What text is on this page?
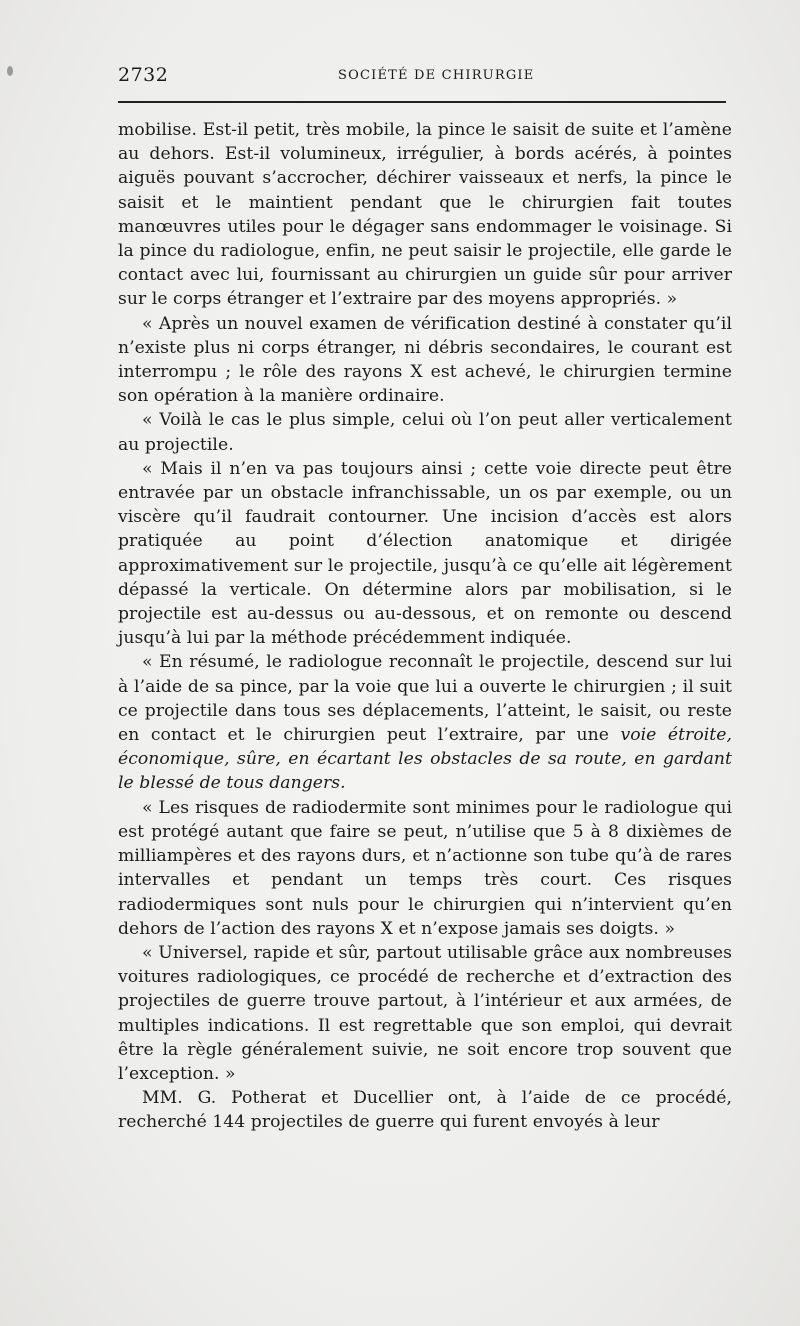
2732	SOCIÉTÉ DE CHIRURGIE

mobilise. Est-il petit, très mobile, la pince le saisit de suite et l’amène au dehors. Est-il volumineux, irrégulier, à bords acérés, à pointes aiguës pouvant s’accrocher, déchirer vaisseaux et nerfs, la pince le saisit et le maintient pendant que le chirurgien fait toutes manœuvres utiles pour le dégager sans endommager le voisinage. Si la pince du radiologue, enfin, ne peut saisir le projectile, elle garde le contact avec lui, fournissant au chirurgien un guide sûr pour arriver sur le corps étranger et l’extraire par des moyens appropriés. »

« Après un nouvel examen de vérification destiné à constater qu’il n’existe plus ni corps étranger, ni débris secondaires, le courant est interrompu ; le rôle des rayons X est achevé, le chirurgien termine son opération à la manière ordinaire.

« Voilà le cas le plus simple, celui où l’on peut aller verticalement au projectile.

« Mais il n’en va pas toujours ainsi ; cette voie directe peut être entravée par un obstacle infranchissable, un os par exemple, ou un viscère qu’il faudrait contourner. Une incision d’accès est alors pratiquée au point d’élection anatomique et dirigée approximativement sur le projectile, jusqu’à ce qu’elle ait légèrement dépassé la verticale. On détermine alors par mobilisation, si le projectile est au-dessus ou au-dessous, et on remonte ou descend jusqu’à lui par la méthode précédemment indiquée.

« En résumé, le radiologue reconnaît le projectile, descend sur lui à l’aide de sa pince, par la voie que lui a ouverte le chirurgien ; il suit ce projectile dans tous ses déplacements, l’atteint, le saisit, ou reste en contact et le chirurgien peut l’extraire, par une voie étroite, économique, sûre, en écartant les obstacles de sa route, en gardant le blessé de tous dangers.

« Les risques de radiodermite sont minimes pour le radiologue qui est protégé autant que faire se peut, n’utilise que 5 à 8 dixièmes de milliampères et des rayons durs, et n’actionne son tube qu’à de rares intervalles et pendant un temps très court. Ces risques radiodermiques sont nuls pour le chirurgien qui n’intervient qu’en dehors de l’action des rayons X et n’expose jamais ses doigts. »

« Universel, rapide et sûr, partout utilisable grâce aux nombreuses voitures radiologiques, ce procédé de recherche et d’extraction des projectiles de guerre trouve partout, à l’intérieur et aux armées, de multiples indications. Il est regrettable que son emploi, qui devrait être la règle généralement suivie, ne soit encore trop souvent que l’exception. »

MM. G. Potherat et Ducellier ont, à l’aide de ce procédé, recherché 144 projectiles de guerre qui furent envoyés à leur
